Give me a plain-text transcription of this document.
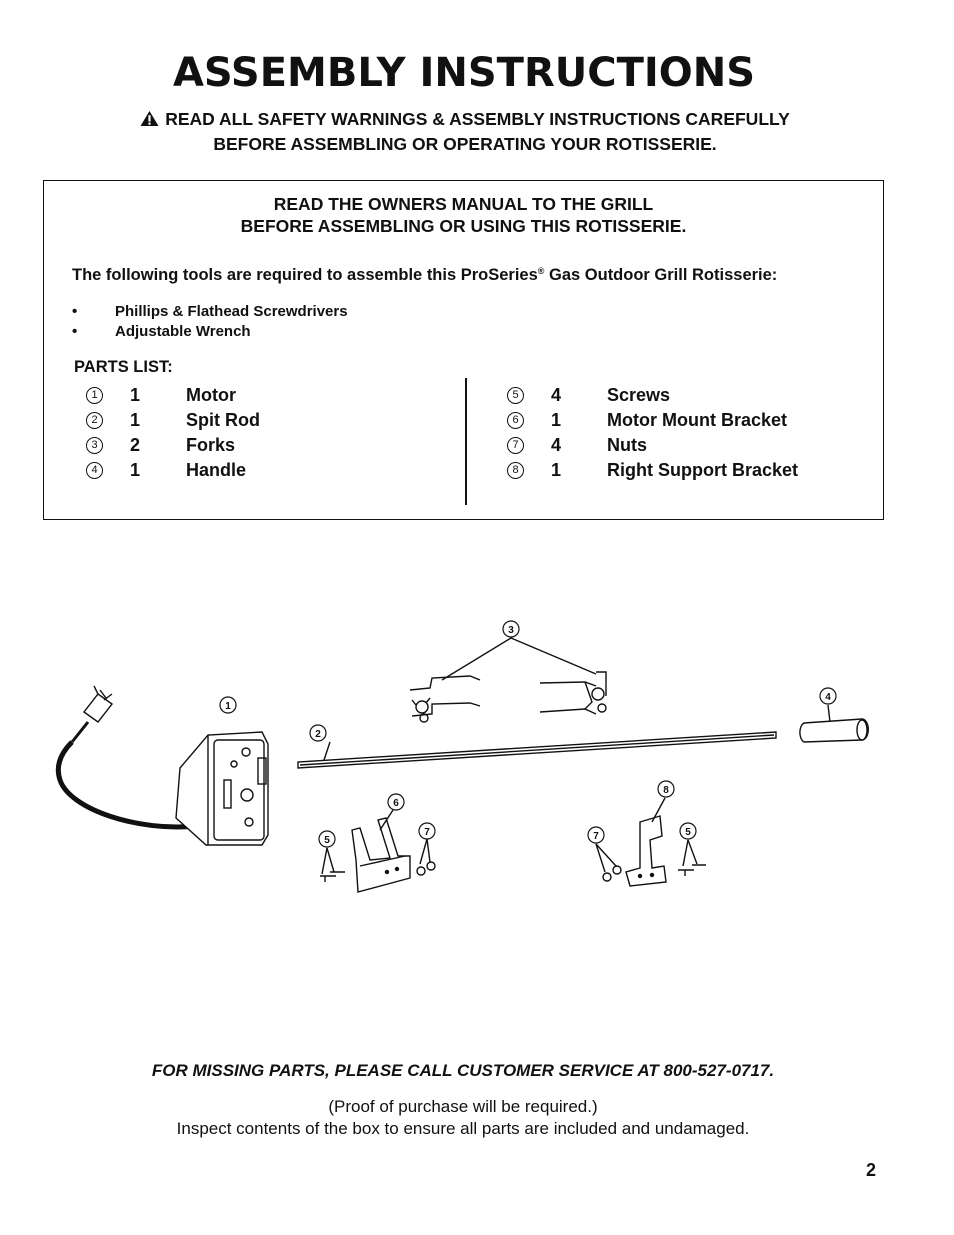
ASSEMBLY INSTRUCTIONS
READ ALL SAFETY WARNINGS & ASSEMBLY INSTRUCTIONS CAREFULLY
BEFORE ASSEMBLING OR OPERATING YOUR ROTISSERIE.
READ THE OWNERS MANUAL TO THE GRILL
BEFORE ASSEMBLING OR USING THIS ROTISSERIE.
The following tools are required to assemble this ProSeries® Gas Outdoor Grill Rotisserie:
•	Phillips & Flathead Screwdrivers
•	Adjustable Wrench
PARTS LIST:
1	1	Motor
2	1	Spit Rod
3	2	Forks
4	1	Handle
5	4	Screws
6	1	Motor Mount Bracket
7	4	Nuts
8	1	Right Support Bracket
1
2
3
4
6
7
5
8
7	5
FOR MISSING PARTS, PLEASE CALL CUSTOMER SERVICE AT 800-527-0717.
(Proof of purchase will be required.)
Inspect contents of the box to ensure all parts are included and undamaged.
2
